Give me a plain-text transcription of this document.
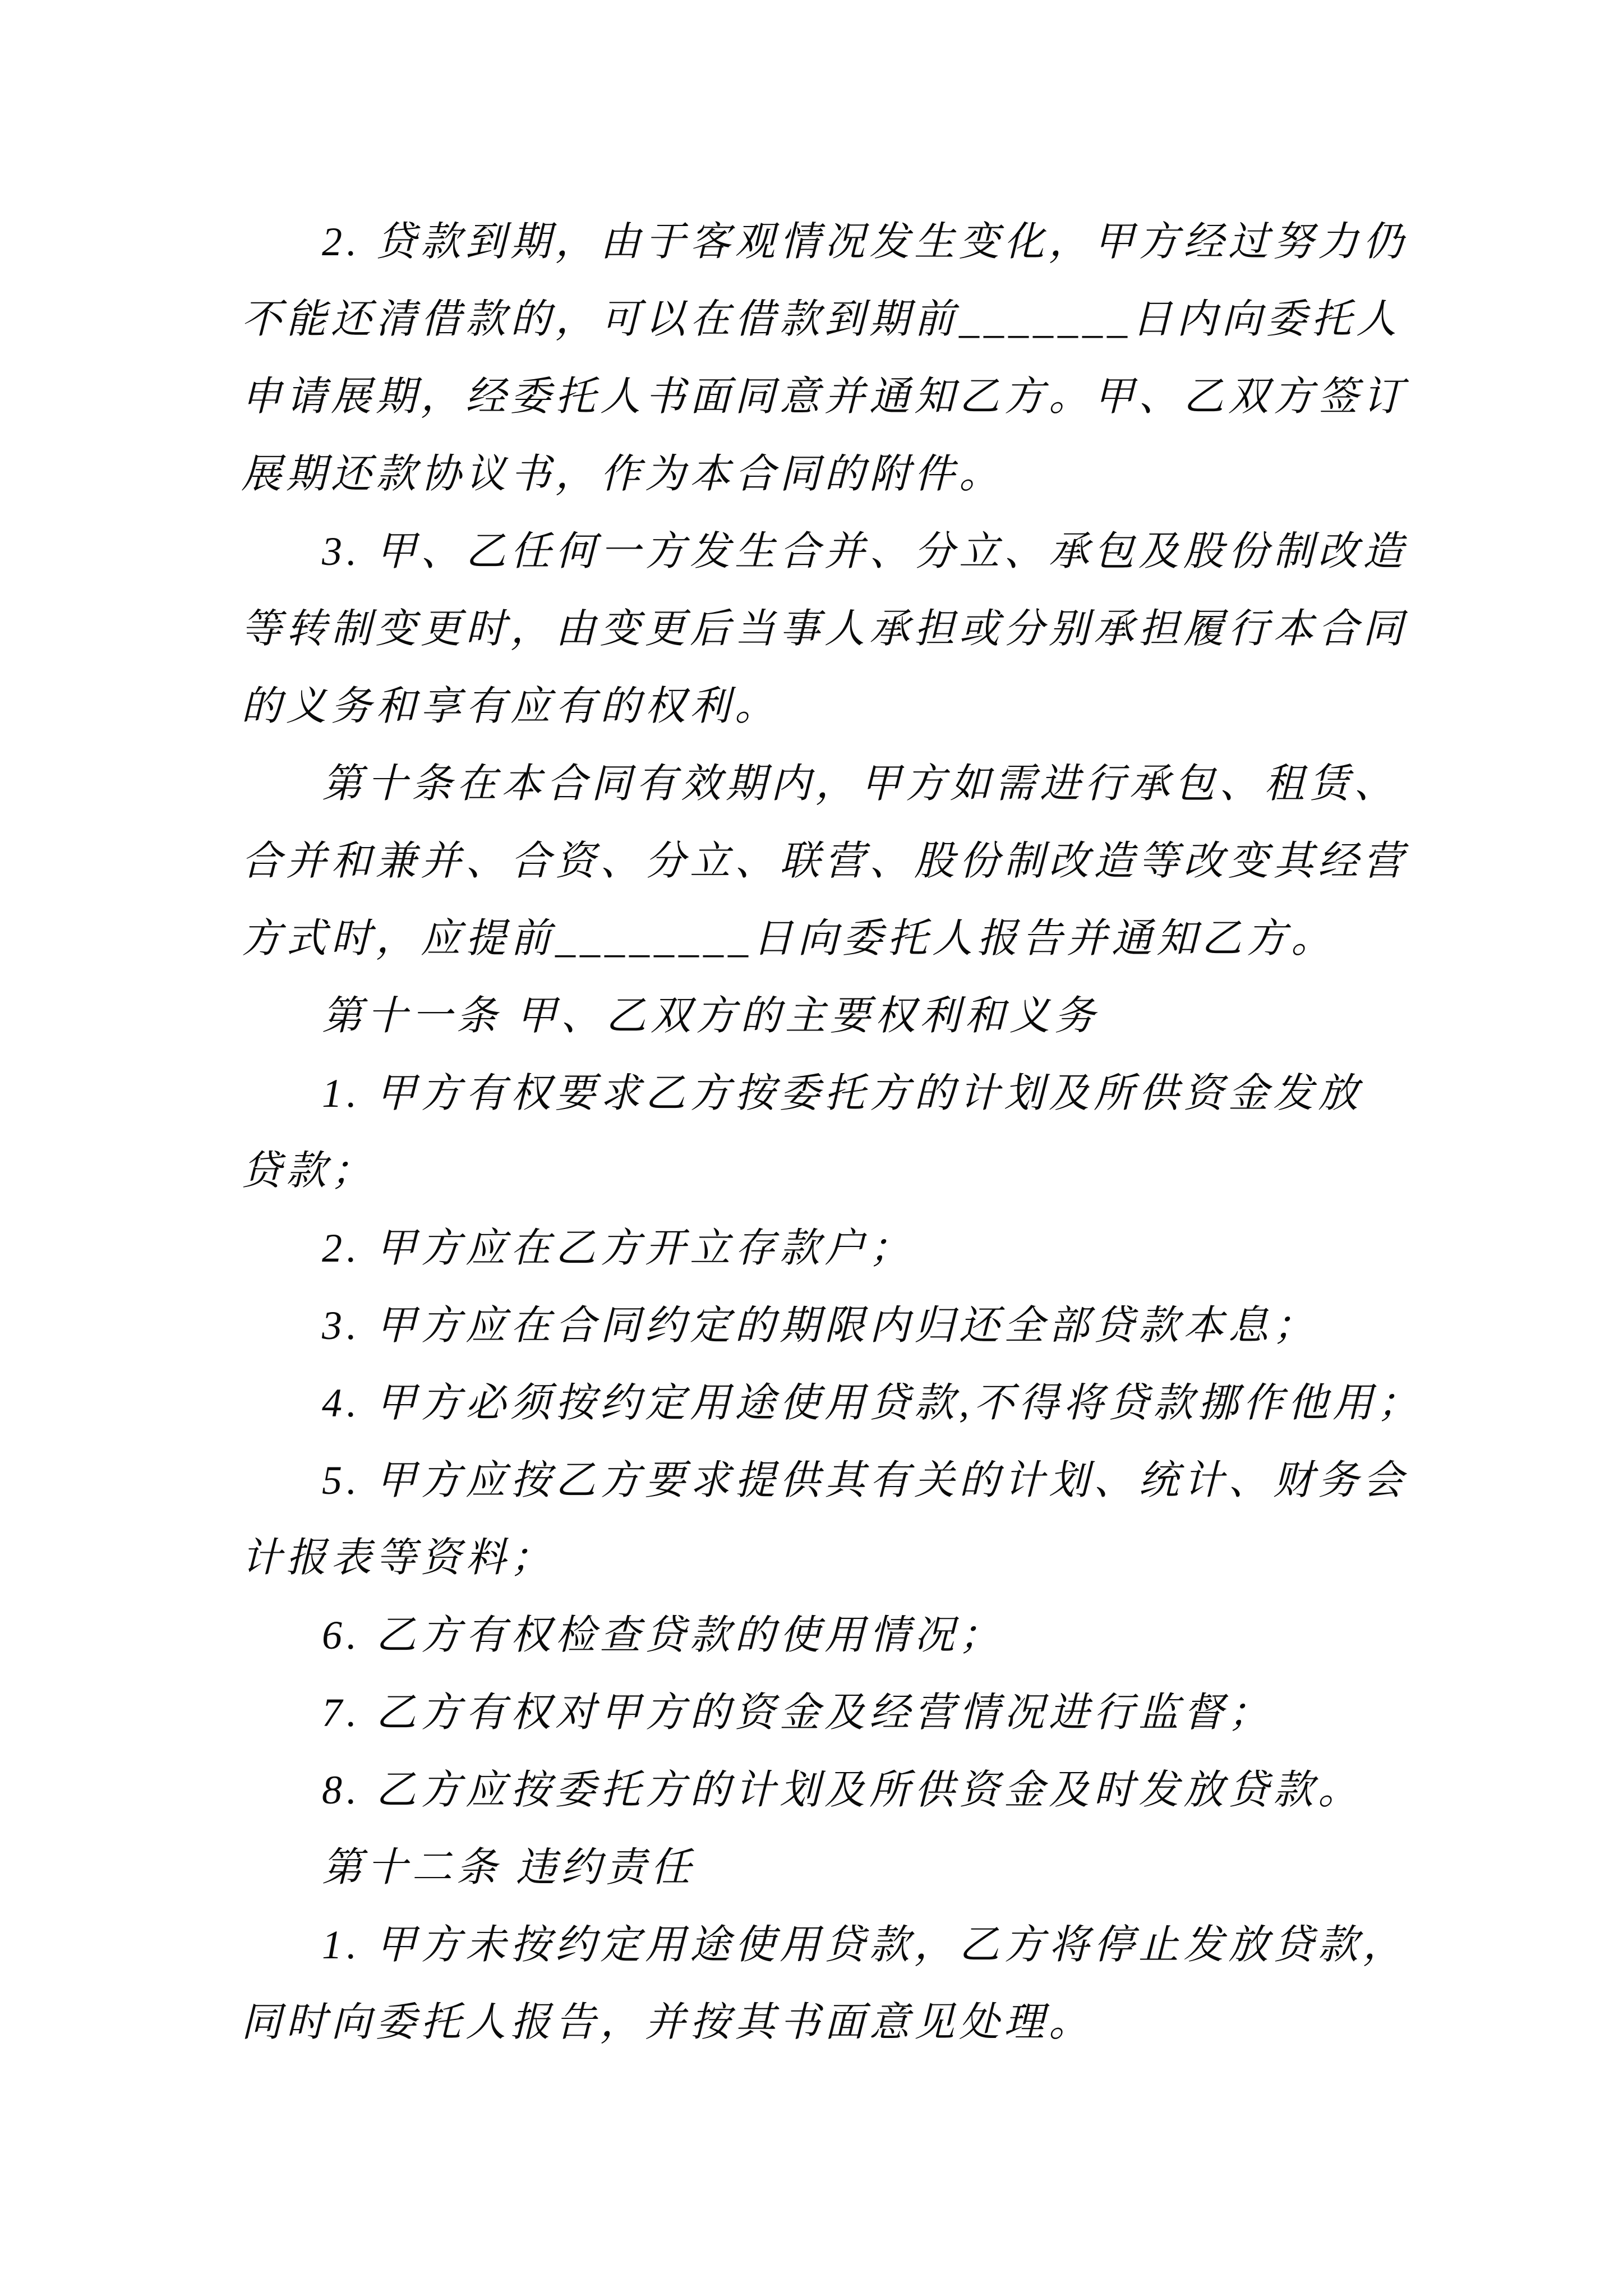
2. 贷款到期，由于客观情况发生变化，甲方经过努力仍
不能还清借款的，可以在借款到期前_______日内向委托人
申请展期，经委托人书面同意并通知乙方。甲、乙双方签订
展期还款协议书，作为本合同的附件。
3. 甲、乙任何一方发生合并、分立、承包及股份制改造
等转制变更时，由变更后当事人承担或分别承担履行本合同
的义务和享有应有的权利。
第十条在本合同有效期内，甲方如需进行承包、租赁、
合并和兼并、合资、分立、联营、股份制改造等改变其经营
方式时，应提前________日向委托人报告并通知乙方。
第十一条 甲、乙双方的主要权利和义务
1. 甲方有权要求乙方按委托方的计划及所供资金发放
贷款；
2. 甲方应在乙方开立存款户；
3. 甲方应在合同约定的期限内归还全部贷款本息；
4. 甲方必须按约定用途使用贷款,不得将贷款挪作他用；
5. 甲方应按乙方要求提供其有关的计划、统计、财务会
计报表等资料；
6. 乙方有权检查贷款的使用情况；
7. 乙方有权对甲方的资金及经营情况进行监督；
8. 乙方应按委托方的计划及所供资金及时发放贷款。
第十二条 违约责任
1. 甲方未按约定用途使用贷款，乙方将停止发放贷款，
同时向委托人报告，并按其书面意见处理。
